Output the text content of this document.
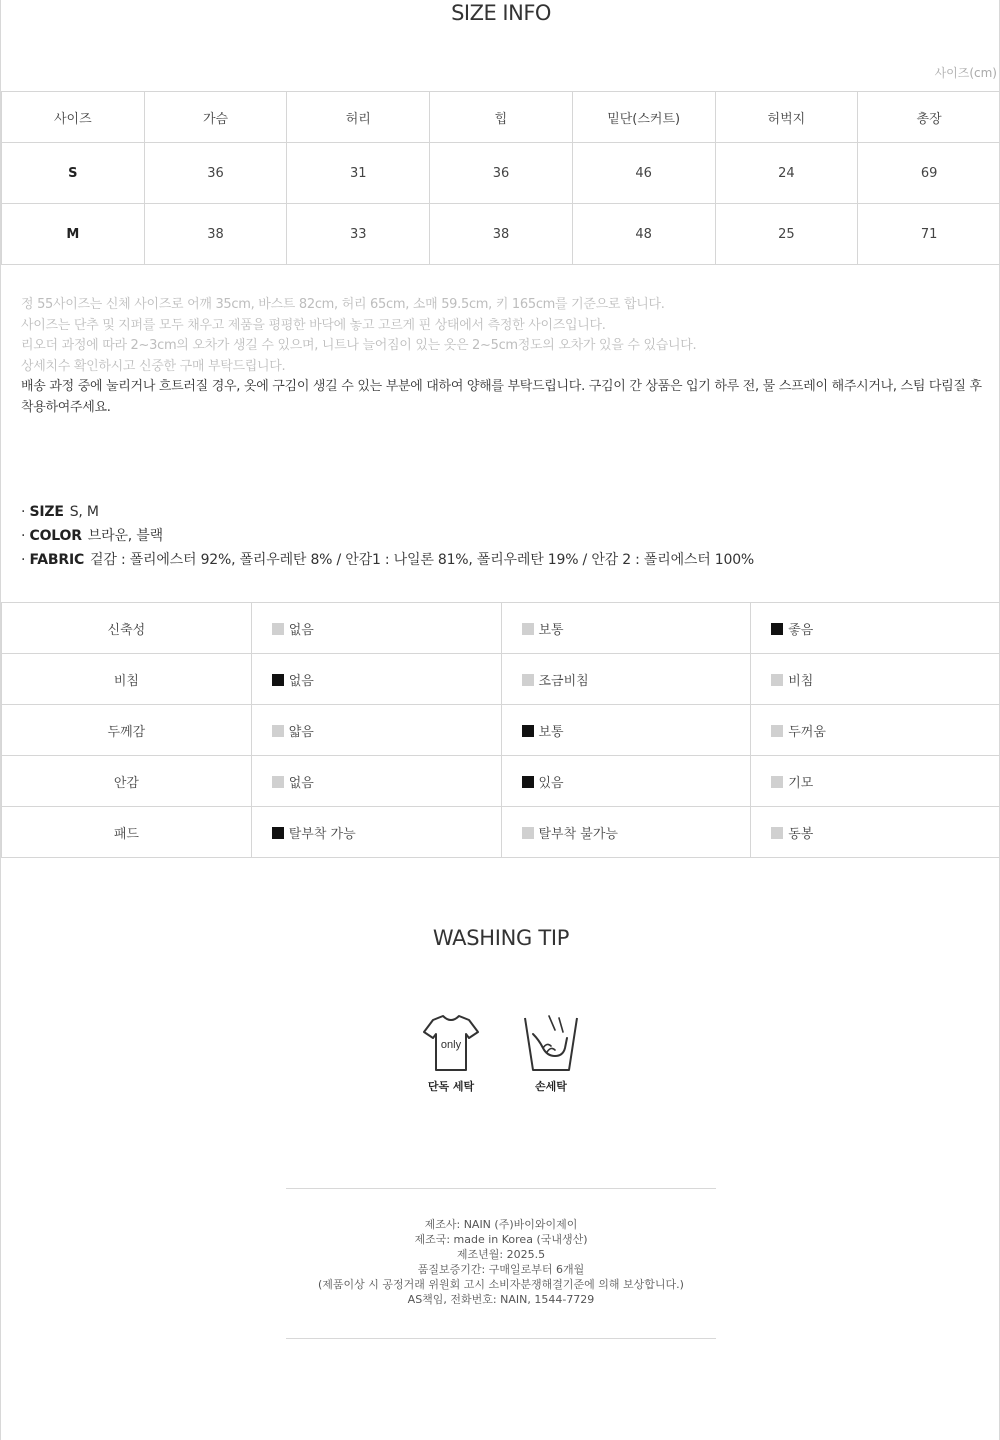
SIZE INFO
사이즈(cm)
사이즈	가슴	허리	힙	밑단(스커트)	허벅지	총장
S	36	31	36	46	24	69
M	38	33	38	48	25	71
정 55사이즈는 신체 사이즈로 어깨 35cm, 바스트 82cm, 허리 65cm, 소매 59.5cm, 키 165cm를 기준으로 합니다.
사이즈는 단추 및 지퍼를 모두 채우고 제품을 평평한 바닥에 놓고 고르게 핀 상태에서 측정한 사이즈입니다.
리오더 과정에 따라 2~3cm의 오차가 생길 수 있으며, 니트나 늘어짐이 있는 옷은 2~5cm정도의 오차가 있을 수 있습니다.
상세치수 확인하시고 신중한 구매 부탁드립니다.
배송 과정 중에 눌리거나 흐트러질 경우, 옷에 구김이 생길 수 있는 부분에 대하여 양해를 부탁드립니다. 구김이 간 상품은 입기 하루 전, 물 스프레이 해주시거나, 스팀 다림질 후 착용하여주세요.
· SIZE S, M
· COLOR 브라운, 블랙
· FABRIC 겉감 : 폴리에스터 92%, 폴리우레탄 8% / 안감1 : 나일론 81%, 폴리우레탄 19% / 안감 2 : 폴리에스터 100%
신축성	없음	보통	좋음
비침	없음	조금비침	비침
두께감	얇음	보통	두꺼움
안감	없음	있음	기모
패드	탈부착 가능	탈부착 불가능	동봉
WASHING TIP
only
단독 세탁	손세탁
제조사: NAIN (주)바이와이제이
제조국: made in Korea (국내생산)
제조년월: 2025.5
품질보증기간: 구매일로부터 6개월
(제품이상 시 공정거래 위원회 고시 소비자분쟁해결기준에 의해 보상합니다.)
AS책임, 전화번호: NAIN, 1544-7729
